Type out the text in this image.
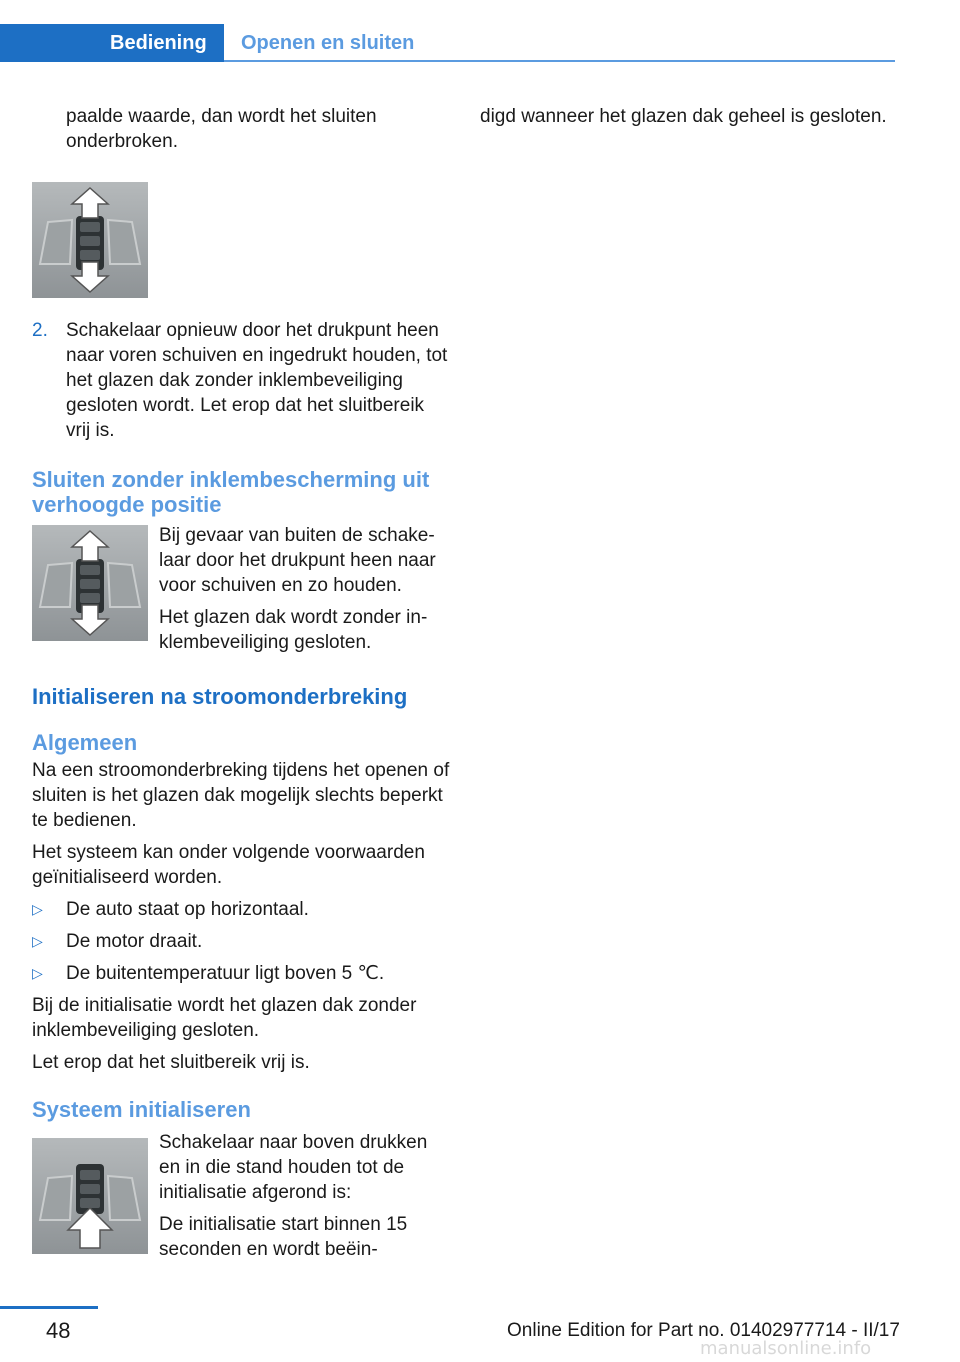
Bediening	Openen en sluiten
paalde waarde, dan wordt het sluiten
onderbroken.
2. Schakelaar opnieuw door het drukpunt heen naar voren schuiven en ingedrukt houden, tot het glazen dak zonder inklembeveiliging gesloten wordt. Let erop dat het sluitbereik vrij is.
Sluiten zonder inklembescherming uit verhoogde positie

Bij gevaar van buiten de schakelaar door het drukpunt heen naar voor schuiven en zo houden.

Het glazen dak wordt zonder inklembeveiliging gesloten.

Initialiseren na stroomonderbreking
Algemeen

Na een stroomonderbreking tijdens het openen of sluiten is het glazen dak mogelijk slechts beperkt te bedienen.

Het systeem kan onder volgende voorwaarden geïnitialiseerd worden.

▷	De auto staat op horizontaal.
▷	De motor draait.
▷	De buitentemperatuur ligt boven 5 ℃.

Bij de initialisatie wordt het glazen dak zonder inklembeveiliging gesloten.

Let erop dat het sluitbereik vrij is.

Systeem initialiseren

Schakelaar naar boven drukken en in die stand houden tot de initialisatie afgerond is:

De initialisatie start binnen 15 seconden en wordt beëin-

digd wanneer het glazen dak geheel is gesloten.

48	Online Edition for Part no. 01402977714 - II/17
manualsonline.info
